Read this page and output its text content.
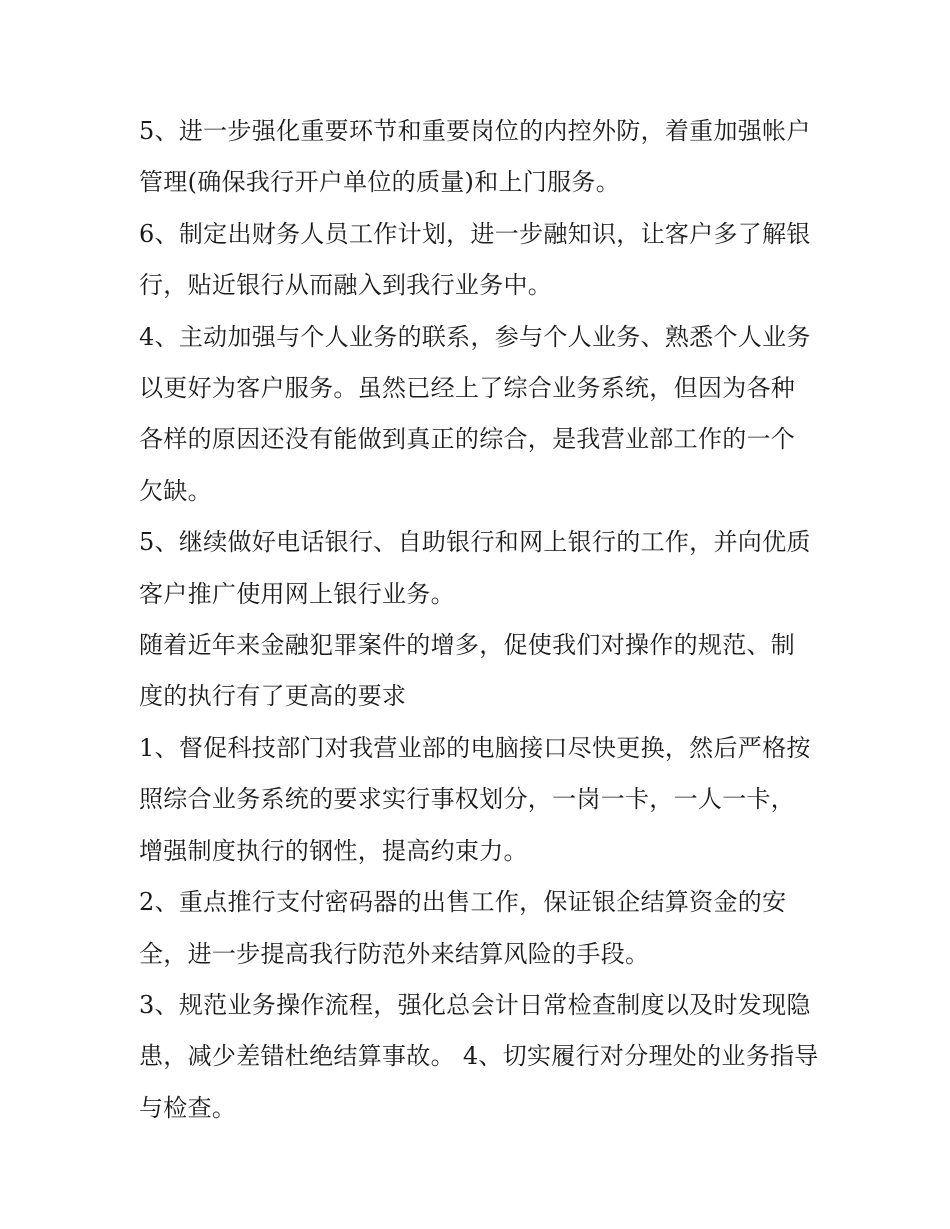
5、进一步强化重要环节和重要岗位的内控外防，着重加强帐户管理(确保我行开户单位的质量)和上门服务。

6、制定出财务人员工作计划，进一步融知识，让客户多了解银行，贴近银行从而融入到我行业务中。

4、主动加强与个人业务的联系，参与个人业务、熟悉个人业务以更好为客户服务。虽然已经上了综合业务系统，但因为各种各样的原因还没有能做到真正的综合，是我营业部工作的一个欠缺。

5、继续做好电话银行、自助银行和网上银行的工作，并向优质客户推广使用网上银行业务。

随着近年来金融犯罪案件的增多，促使我们对操作的规范、制度的执行有了更高的要求

1、督促科技部门对我营业部的电脑接口尽快更换，然后严格按照综合业务系统的要求实行事权划分，一岗一卡，一人一卡，增强制度执行的钢性，提高约束力。

2、重点推行支付密码器的出售工作，保证银企结算资金的安全，进一步提高我行防范外来结算风险的手段。

3、规范业务操作流程，强化总会计日常检查制度以及时发现隐患，减少差错杜绝结算事故。 4、切实履行对分理处的业务指导与检查。
